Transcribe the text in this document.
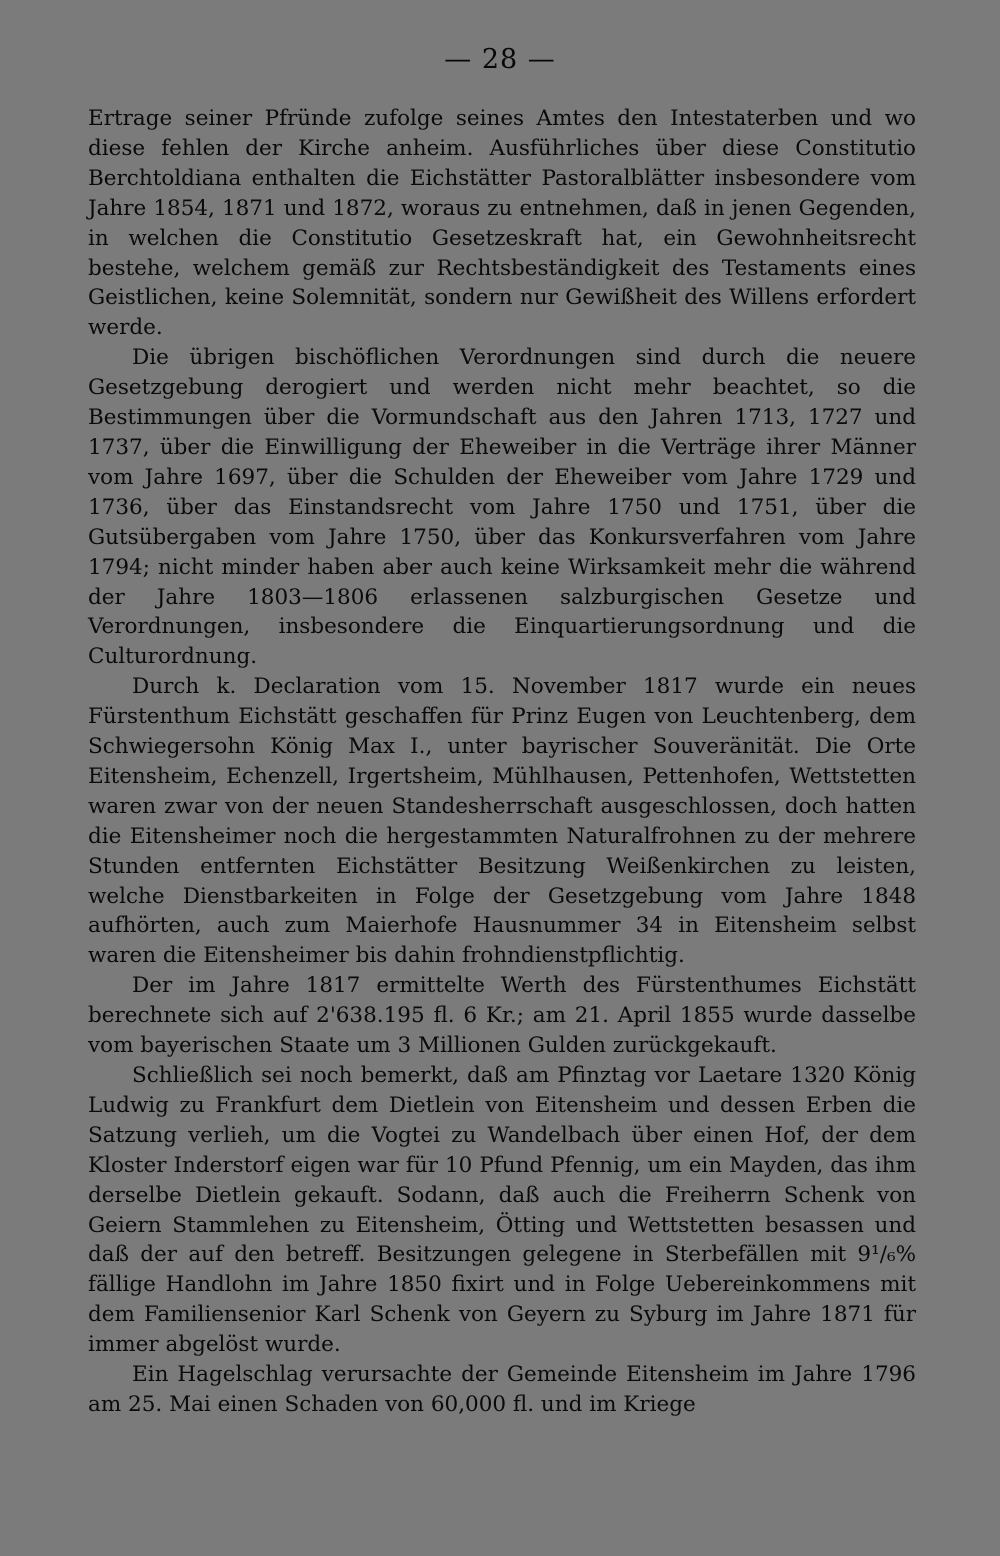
— 28 —

Ertrage seiner Pfründe zufolge seines Amtes den Intestaterben und wo diese fehlen der Kirche anheim. Ausführliches über diese Constitutio Berchtoldiana enthalten die Eichstätter Pastoralblätter insbesondere vom Jahre 1854, 1871 und 1872, woraus zu entnehmen, daß in jenen Gegenden, in welchen die Constitutio Gesetzeskraft hat, ein Gewohnheitsrecht bestehe, welchem gemäß zur Rechtsbeständigkeit des Testaments eines Geistlichen, keine Solemnität, sondern nur Gewißheit des Willens erfordert werde.

Die übrigen bischöflichen Verordnungen sind durch die neuere Gesetzgebung derogiert und werden nicht mehr beachtet, so die Bestimmungen über die Vormundschaft aus den Jahren 1713, 1727 und 1737, über die Einwilligung der Eheweiber in die Verträge ihrer Männer vom Jahre 1697, über die Schulden der Eheweiber vom Jahre 1729 und 1736, über das Einstandsrecht vom Jahre 1750 und 1751, über die Gutsübergaben vom Jahre 1750, über das Konkursverfahren vom Jahre 1794; nicht minder haben aber auch keine Wirksamkeit mehr die während der Jahre 1803—1806 erlassenen salzburgischen Gesetze und Verordnungen, insbesondere die Einquartierungsordnung und die Culturordnung.

Durch k. Declaration vom 15. November 1817 wurde ein neues Fürstenthum Eichstätt geschaffen für Prinz Eugen von Leuchtenberg, dem Schwiegersohn König Max I., unter bayrischer Souveränität. Die Orte Eitensheim, Echenzell, Irgertsheim, Mühlhausen, Pettenhofen, Wettstetten waren zwar von der neuen Standesherrschaft ausgeschlossen, doch hatten die Eitensheimer noch die hergestammten Naturalfrohnen zu der mehrere Stunden entfernten Eichstätter Besitzung Weißenkirchen zu leisten, welche Dienstbarkeiten in Folge der Gesetzgebung vom Jahre 1848 aufhörten, auch zum Maierhofe Hausnummer 34 in Eitensheim selbst waren die Eitensheimer bis dahin frohndienstpflichtig.

Der im Jahre 1817 ermittelte Werth des Fürstenthumes Eichstätt berechnete sich auf 2'638.195 fl. 6 Kr.; am 21. April 1855 wurde dasselbe vom bayerischen Staate um 3 Millionen Gulden zurückgekauft.

Schließlich sei noch bemerkt, daß am Pfinztag vor Laetare 1320 König Ludwig zu Frankfurt dem Dietlein von Eitensheim und dessen Erben die Satzung verlieh, um die Vogtei zu Wandelbach über einen Hof, der dem Kloster Inderstorf eigen war für 10 Pfund Pfennig, um ein Mayden, das ihm derselbe Dietlein gekauft. Sodann, daß auch die Freiherrn Schenk von Geiern Stammlehen zu Eitensheim, Ötting und Wettstetten besassen und daß der auf den betreff. Besitzungen gelegene in Sterbefällen mit 9¹/₆% fällige Handlohn im Jahre 1850 fixirt und in Folge Uebereinkommens mit dem Familiensenior Karl Schenk von Geyern zu Syburg im Jahre 1871 für immer abgelöst wurde.

Ein Hagelschlag verursachte der Gemeinde Eitensheim im Jahre 1796 am 25. Mai einen Schaden von 60,000 fl. und im Kriege
